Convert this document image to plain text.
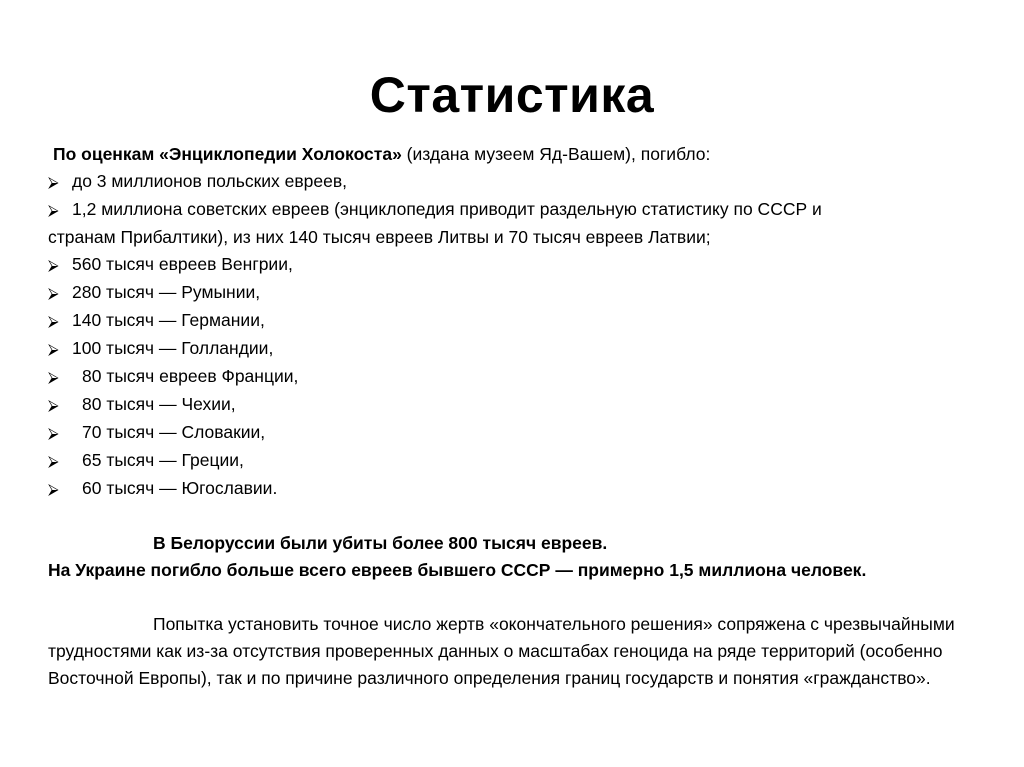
Статистика
По оценкам «Энциклопедии Холокоста» (издана музеем Яд-Вашем), погибло:
⮚ до 3 миллионов польских евреев,
⮚ 1,2 миллиона советских евреев (энциклопедия приводит раздельную статистику по СССР и
странам Прибалтики), из них 140 тысяч евреев Литвы и 70 тысяч евреев Латвии;
⮚ 560 тысяч евреев Венгрии,
⮚ 280 тысяч — Румынии,
⮚ 140 тысяч — Германии,
⮚ 100 тысяч — Голландии,
⮚ 80 тысяч евреев Франции,
⮚ 80 тысяч — Чехии,
⮚ 70 тысяч — Словакии,
⮚ 65 тысяч — Греции,
⮚ 60 тысяч — Югославии.
В Белоруссии были убиты более 800 тысяч евреев.
На Украине погибло больше всего евреев бывшего СССР — примерно 1,5 миллиона человек.
Попытка установить точное число жертв «окончательного решения» сопряжена с чрезвычайными трудностями как из-за отсутствия проверенных данных о масштабах геноцида на ряде территорий (особенно Восточной Европы), так и по причине различного определения границ государств и понятия «гражданство».
